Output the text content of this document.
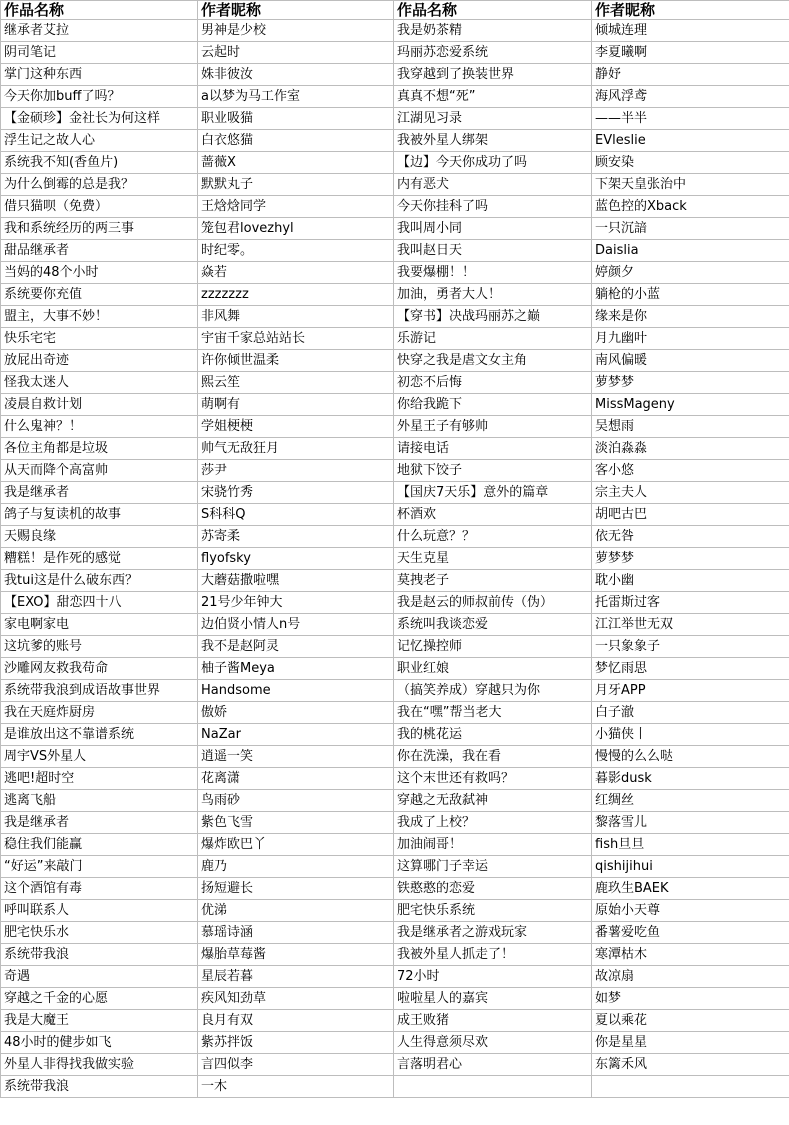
作品名称	作者昵称	作品名称	作者昵称
继承者艾拉	男神是少校	我是奶茶精	倾城连理
阴司笔记	云起时	玛丽苏恋爱系统	李夏曦啊
掌门这种东西	姝非彼汝	我穿越到了换装世界	静妤
今天你加buff了吗？	a以梦为马工作室	真真不想“死”	海风浮鸢
【金硕珍】金社长为何这样	职业吸猫	江湖见习录	——半半
浮生记之故人心	白衣悠猫	我被外星人绑架	EVleslie
系统我不知(香鱼片)	蔷薇X	【边】今天你成功了吗	顾安染
为什么倒霉的总是我？	默默丸子	内有恶犬	下架天皇张治中
借只猫呗（免费）	王焓焓同学	今天你挂科了吗	蓝色控的Xback
我和系统经历的两三事	笼包君lovezhyl	我叫周小同	一只沉諳
甜品继承者	时纪零。	我叫赵日天	Daislia
当妈的48个小时	焱若	我要爆棚！！	婷颜夕
系统要你充值	zzzzzzz	加油，勇者大人！	躺枪的小蓝
盟主，大事不妙！	非风舞	【穿书】决战玛丽苏之巅	缘来是你
快乐宅宅	宇宙千家总站站长	乐游记	月九幽叶
放屁出奇迹	许你倾世温柔	快穿之我是虐文女主角	南风偏暖
怪我太迷人	熙云笙	初恋不后悔	萝梦梦
凌晨自救计划	萌啊有	你给我跪下	MissMageny
什么鬼神？！	学姐梗梗	外星王子有够帅	吴想雨
各位主角都是垃圾	帅气无敌狂月	请接电话	淡泊淼淼
从天而降个高富帅	莎尹	地狱下饺子	客小悠
我是继承者	宋骁竹秀	【国庆7天乐】意外的篇章	宗主夫人
鸽子与复读机的故事	S科科Q	杯酒欢	胡吧古巴
天赐良缘	苏寄柔	什么玩意？？	依无咎
糟糕！是作死的感觉	flyofsky	天生克星	萝梦梦
我tui这是什么破东西？	大蘑菇撒啦嘿	莫拽老子	耽小幽
【EXO】甜恋四十八	21号少年钟大	我是赵云的师叔前传（伪）	托雷斯过客
家电啊家电	边伯贤小情人n号	系统叫我谈恋爱	江江举世无双
这坑爹的账号	我不是赵阿灵	记忆操控师	一只象象子
沙雕网友救我苟命	柚子酱Meya	职业红娘	梦忆雨思
系统带我浪到成语故事世界	Handsome	（搞笑养成）穿越只为你	月牙APP
我在天庭炸厨房	傲娇	我在“嘿”帮当老大	白子澈
是谁放出这不靠谱系统	NaZar	我的桃花运	小猫侠丨
周宇VS外星人	逍遥一笑	你在洗澡，我在看	慢慢的么么哒
逃吧!超时空	花离潇	这个末世还有救吗？	暮影dusk
逃离飞船	鸟雨砂	穿越之无敌弑神	红绸丝
我是继承者	紫色飞雪	我成了上校？	黎落雪儿
稳住我们能赢	爆炸欧巴丫	加油闹哥！	fish旦旦
“好运”来敲门	鹿乃	这算哪门子幸运	qishijihui
这个酒馆有毒	扬短避长	铁憨憨的恋爱	鹿玖生BAEK
呼叫联系人	优涕	肥宅快乐系统	原始小天尊
肥宅快乐水	慕瑶诗涵	我是继承者之游戏玩家	番薯爱吃鱼
系统带我浪	爆胎草莓酱	我被外星人抓走了！	寒潭枯木
奇遇	星辰若暮	72小时	故凉扇
穿越之千金的心愿	疾风知劲草	啦啦星人的嘉宾	如梦
我是大魔王	良月有双	成王败猪	夏以乘花
48小时的健步如飞	紫苏拌饭	人生得意须尽欢	你是星星
外星人非得找我做实验	言四似李	言落明君心	东篱禾风
系统带我浪	一木		
